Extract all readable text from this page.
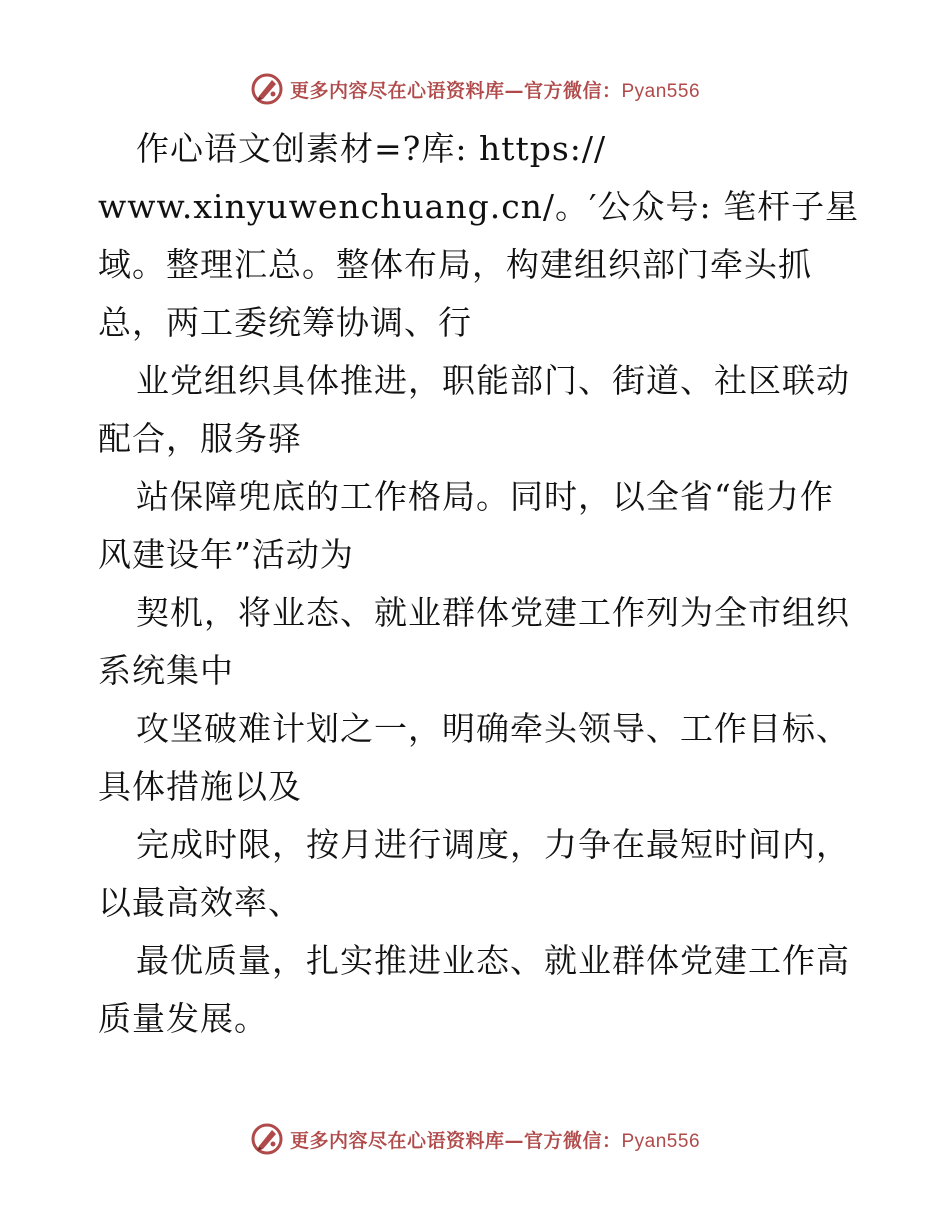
更多内容尽在心语资料库—官方微信：Pyan556
作心语文创素材=?库: https://
www.xinyuwenchuang.cn/。′公众号: 笔杆子星
域。整理汇总。整体布局，构建组织部门牵头抓
总，两工委统筹协调、行
业党组织具体推进，职能部门、街道、社区联动
配合，服务驿
站保障兜底的工作格局。同时，以全省“能力作
风建设年”活动为
契机，将业态、就业群体党建工作列为全市组织
系统集中
攻坚破难计划之一，明确牵头领导、工作目标、
具体措施以及
完成时限，按月进行调度，力争在最短时间内，
以最高效率、
最优质量，扎实推进业态、就业群体党建工作高
质量发展。
更多内容尽在心语资料库—官方微信：Pyan556
